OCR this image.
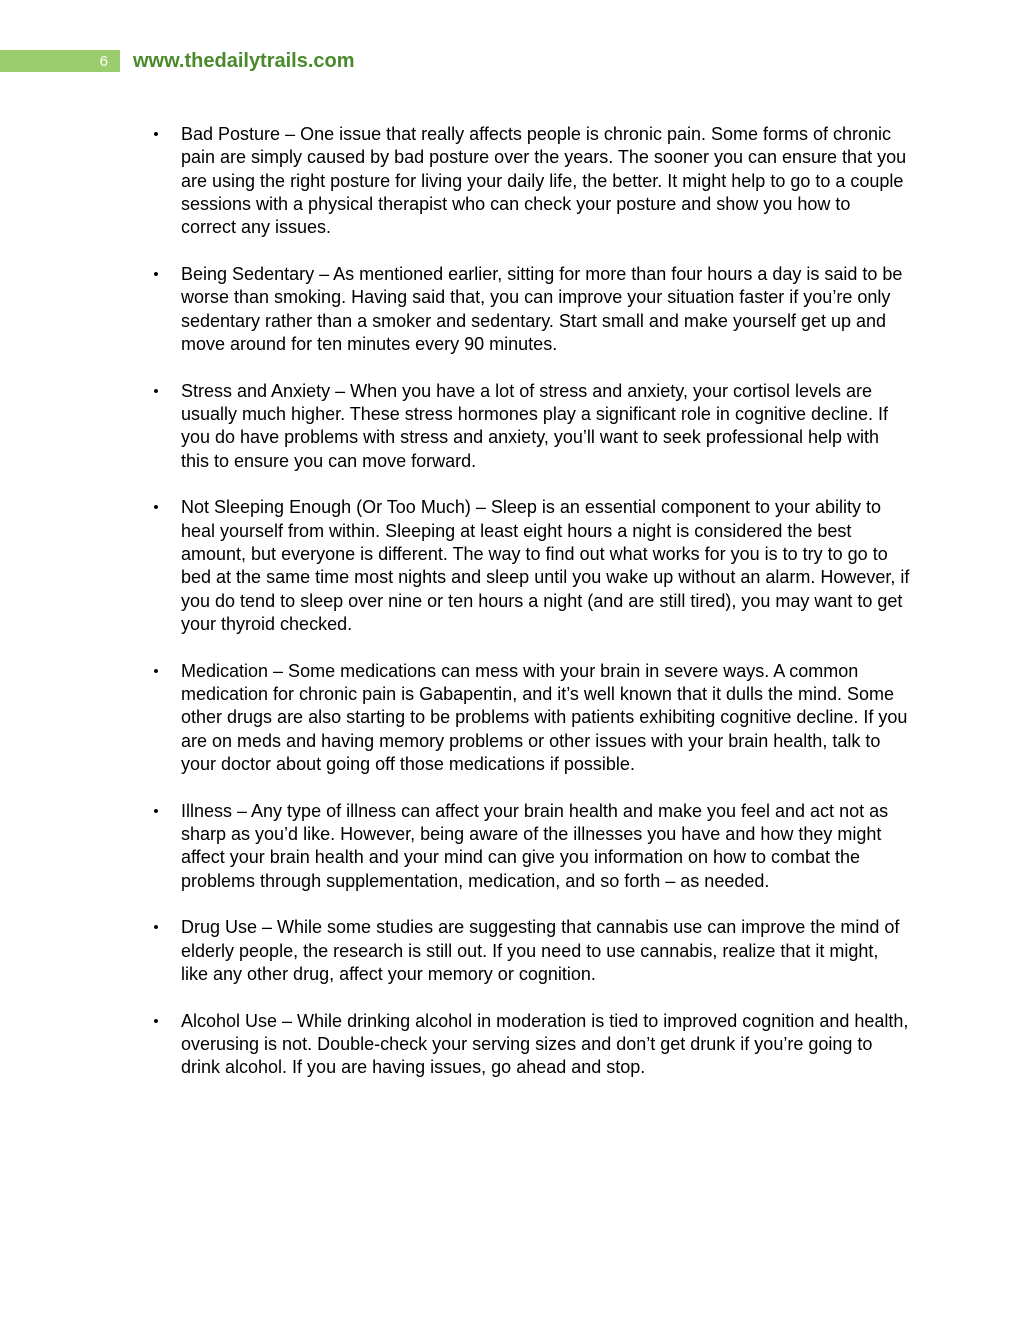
6	www.thedailytrails.com
• Bad Posture – One issue that really affects people is chronic pain. Some forms of chronic pain are simply caused by bad posture over the years. The sooner you can ensure that you are using the right posture for living your daily life, the better. It might help to go to a couple sessions with a physical therapist who can check your posture and show you how to correct any issues.
• Being Sedentary – As mentioned earlier, sitting for more than four hours a day is said to be worse than smoking. Having said that, you can improve your situation faster if you’re only sedentary rather than a smoker and sedentary. Start small and make yourself get up and move around for ten minutes every 90 minutes.
• Stress and Anxiety – When you have a lot of stress and anxiety, your cortisol levels are usually much higher. These stress hormones play a significant role in cognitive decline. If you do have problems with stress and anxiety, you’ll want to seek professional help with this to ensure you can move forward.
• Not Sleeping Enough (Or Too Much) – Sleep is an essential component to your ability to heal yourself from within. Sleeping at least eight hours a night is considered the best amount, but everyone is different. The way to find out what works for you is to try to go to bed at the same time most nights and sleep until you wake up without an alarm. However, if you do tend to sleep over nine or ten hours a night (and are still tired), you may want to get your thyroid checked.
• Medication – Some medications can mess with your brain in severe ways. A common medication for chronic pain is Gabapentin, and it’s well known that it dulls the mind. Some other drugs are also starting to be problems with patients exhibiting cognitive decline. If you are on meds and having memory problems or other issues with your brain health, talk to your doctor about going off those medications if possible.
• Illness – Any type of illness can affect your brain health and make you feel and act not as sharp as you’d like. However, being aware of the illnesses you have and how they might affect your brain health and your mind can give you information on how to combat the problems through supplementation, medication, and so forth – as needed.
• Drug Use – While some studies are suggesting that cannabis use can improve the mind of elderly people, the research is still out. If you need to use cannabis, realize that it might, like any other drug, affect your memory or cognition.
• Alcohol Use – While drinking alcohol in moderation is tied to improved cognition and health, overusing is not. Double-check your serving sizes and don’t get drunk if you’re going to drink alcohol. If you are having issues, go ahead and stop.
